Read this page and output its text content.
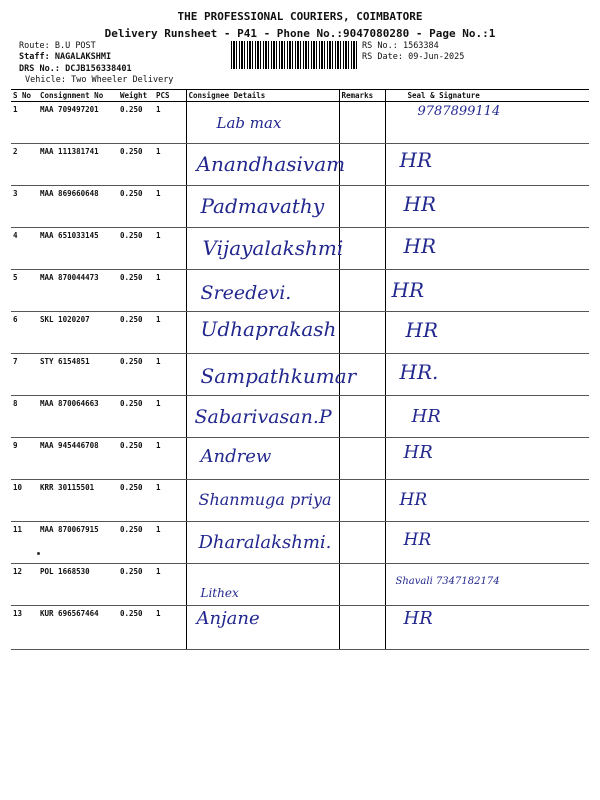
THE PROFESSIONAL COURIERS, COIMBATORE
Delivery Runsheet - P41 - Phone No.:9047080280 - Page No.:1
Route: B.U POST
Staff: NAGALAKSHMI
DRS No.: DCJB156338401
Vehicle: Two Wheeler Delivery
RS No.: 1563384
RS Date: 09-Jun-2025
S No	Consignment No	Weight	PCS	Consignee Details	Remarks	Seal & Signature
1	MAA 709497201	0.250	1	Lab max		9787899114

2	MAA 111381741	0.250	1	Anandhasivam		HR

3	MAA 869660648	0.250	1	Padmavathy		HR

4	MAA 651033145	0.250	1	Vijayalakshmi		HR

5	MAA 870044473	0.250	1	Sreedevi.		HR

6	SKL 1020207	0.250	1	Udhaprakash		HR

7	STY 6154851	0.250	1	Sampathkumar		HR.

8	MAA 870064663	0.250	1	Sabarivasan.P		HR

9	MAA 945446708	0.250	1	Andrew		HR

10	KRR 30115501	0.250	1	Shanmuga priya		HR

11	MAA 870067915	0.250	1	Dharalakshmi.		HR

12	POL 1668530	0.250	1	Lithex		Shavali 7347182174

13	KUR 696567464	0.250	1	Anjane		HR
